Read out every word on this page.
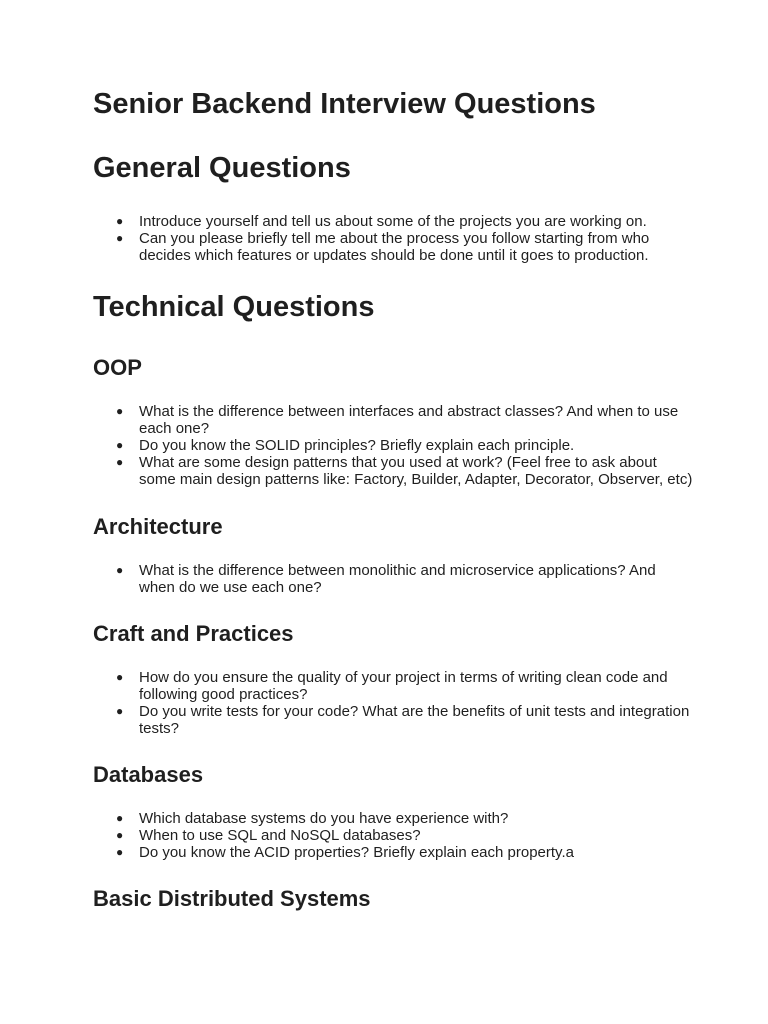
Senior Backend Interview Questions
General Questions
● Introduce yourself and tell us about some of the projects you are working on.
● Can you please briefly tell me about the process you follow starting from who decides which features or updates should be done until it goes to production.
Technical Questions
OOP
● What is the difference between interfaces and abstract classes? And when to use each one?
● Do you know the SOLID principles? Briefly explain each principle.
● What are some design patterns that you used at work? (Feel free to ask about some main design patterns like: Factory, Builder, Adapter, Decorator, Observer, etc)
Architecture
● What is the difference between monolithic and microservice applications? And when do we use each one?
Craft and Practices
● How do you ensure the quality of your project in terms of writing clean code and following good practices?
● Do you write tests for your code? What are the benefits of unit tests and integration tests?
Databases
● Which database systems do you have experience with?
● When to use SQL and NoSQL databases?
● Do you know the ACID properties? Briefly explain each property.a
Basic Distributed Systems
